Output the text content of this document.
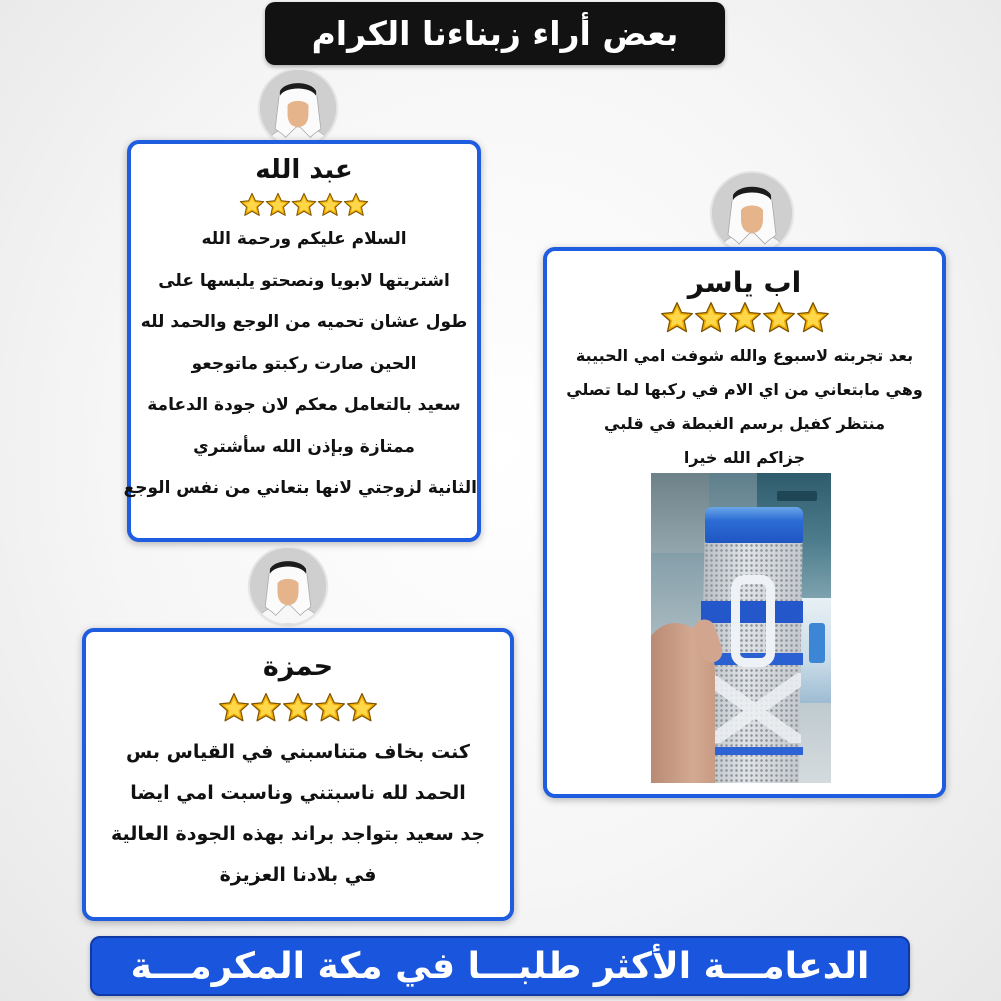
بعض أراء زبناءنا الكرام
عبد الله
السلام عليكم ورحمة الله
اشتريتها لابويا ونصحتو يلبسها على
طول عشان تحميه من الوجع والحمد لله
الحين صارت ركبتو ماتوجعو
سعيد بالتعامل معكم لان جودة الدعامة
ممتازة وبإذن الله سأشتري
الثانية لزوجتي لانها بتعاني من نفس الوجع
اب ياسر
بعد تجربته لاسبوع والله شوفت امي الحبيبة
وهي مابتعاني من اي الام في ركبها لما تصلي
منتظر كفيل برسم الغبطة في قلبي
جزاكم الله خيرا
حمزة
كنت بخاف متناسبني في القياس بس
الحمد لله ناسبتني وناسبت امي ايضا
جد سعيد بتواجد براند بهذه الجودة العالية
في بلادنا العزيزة
الدعامـــة الأكثر طلبـــا في مكة المكرمـــة
